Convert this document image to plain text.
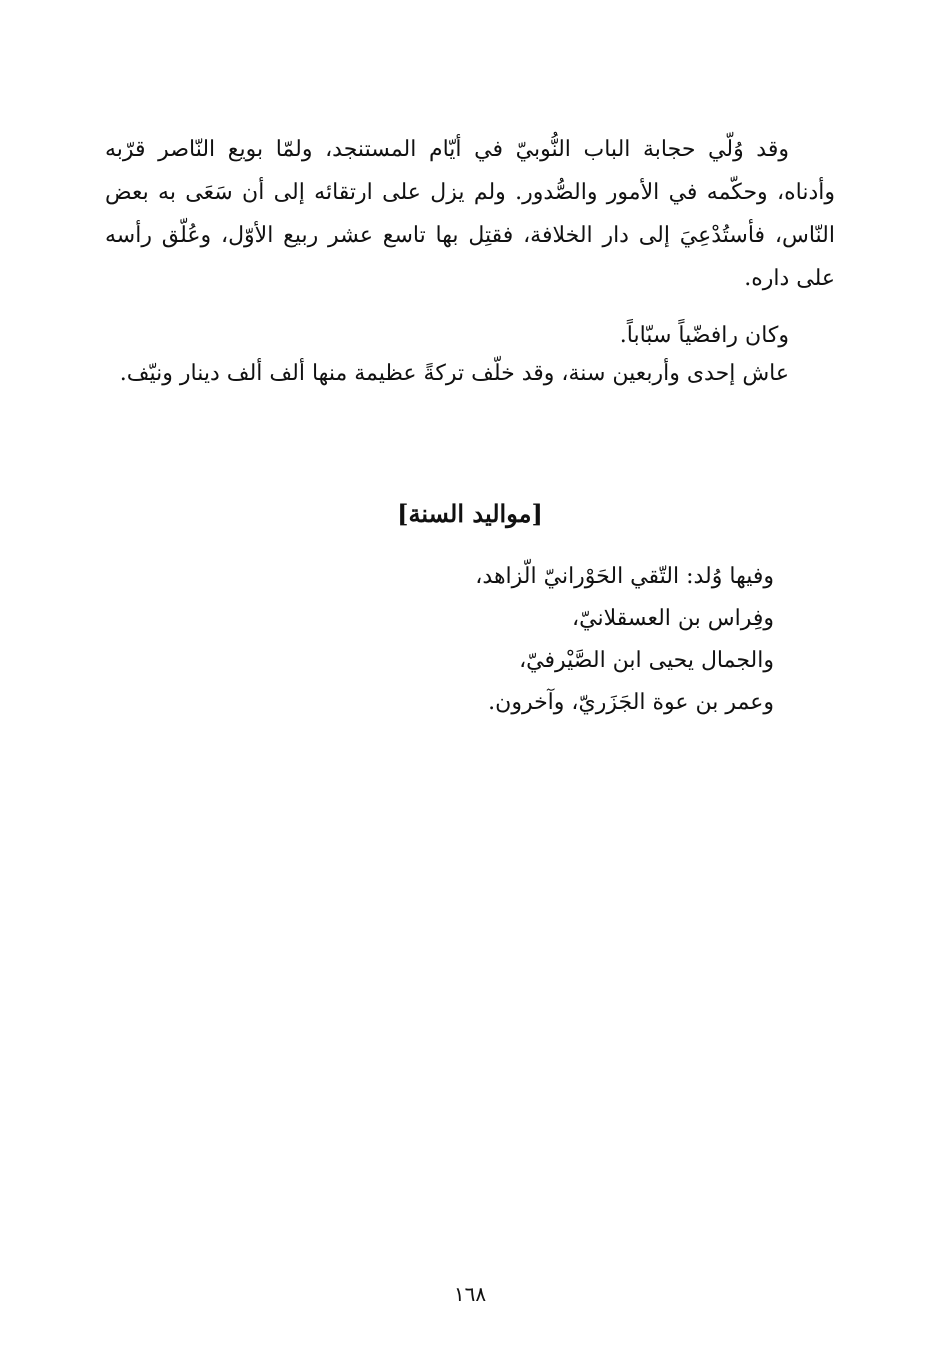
وقد وُلّي حجابة الباب النُّوبيّ في أيّام المستنجد، ولمّا بويع النّاصر قرّبه وأدناه، وحكّمه في الأمور والصُّدور. ولم يزل على ارتقائه إلى أن سَعَى به بعض النّاس، فأستُدْعِيَ إلى دار الخلافة، فقتِل بها تاسع عشر ربيع الأوّل، وعُلّق رأسه على داره.

وكان رافضّياً سبّاباً.

عاش إحدى وأربعين سنة، وقد خلّف تركةً عظيمة منها ألف ألف دينار ونيّف.

[مواليد السنة]
وفيها وُلد: التّقي الحَوْرانيّ الّزاهد،
وفِراس بن العسقلانيّ،
والجمال يحيى ابن الصَّيْرفيّ،
وعمر بن عوة الجَزَريّ، وآخرون.
١٦٨
